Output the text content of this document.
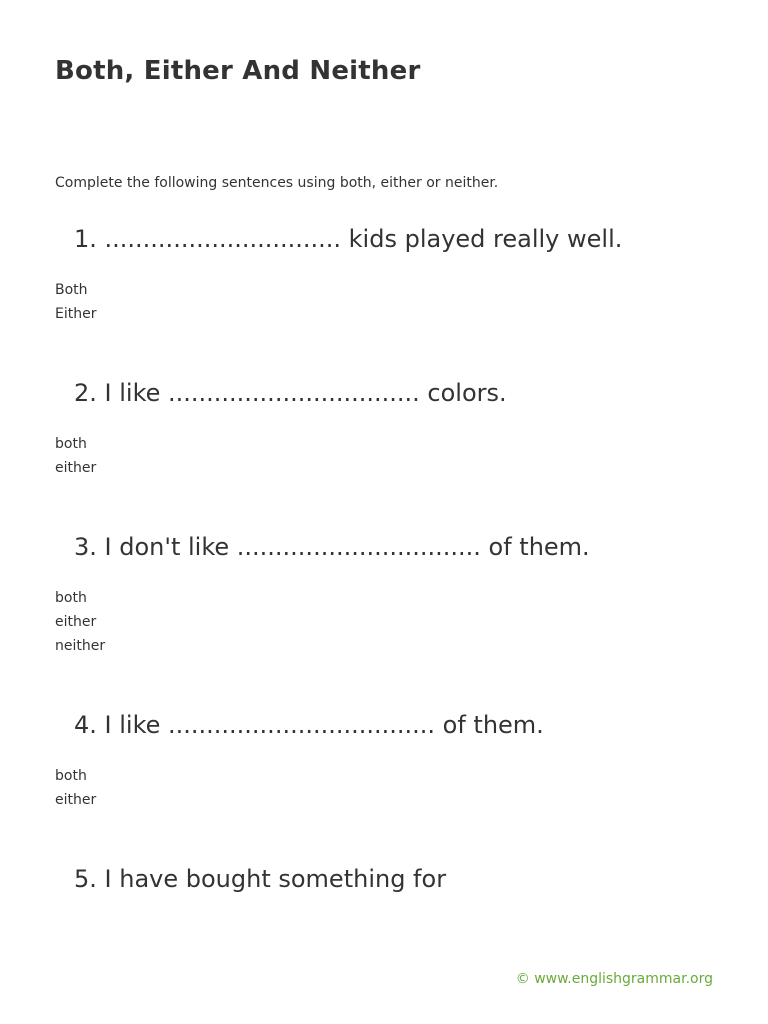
Both, Either And Neither
Complete the following sentences using both, either or neither.
1. ............................... kids played really well.
Both
Either
2. I like ................................. colors.
both
either
3. I don't like ................................ of them.
both
either
neither
4. I like ................................... of them.
both
either
5. I have bought something for
© www.englishgrammar.org
